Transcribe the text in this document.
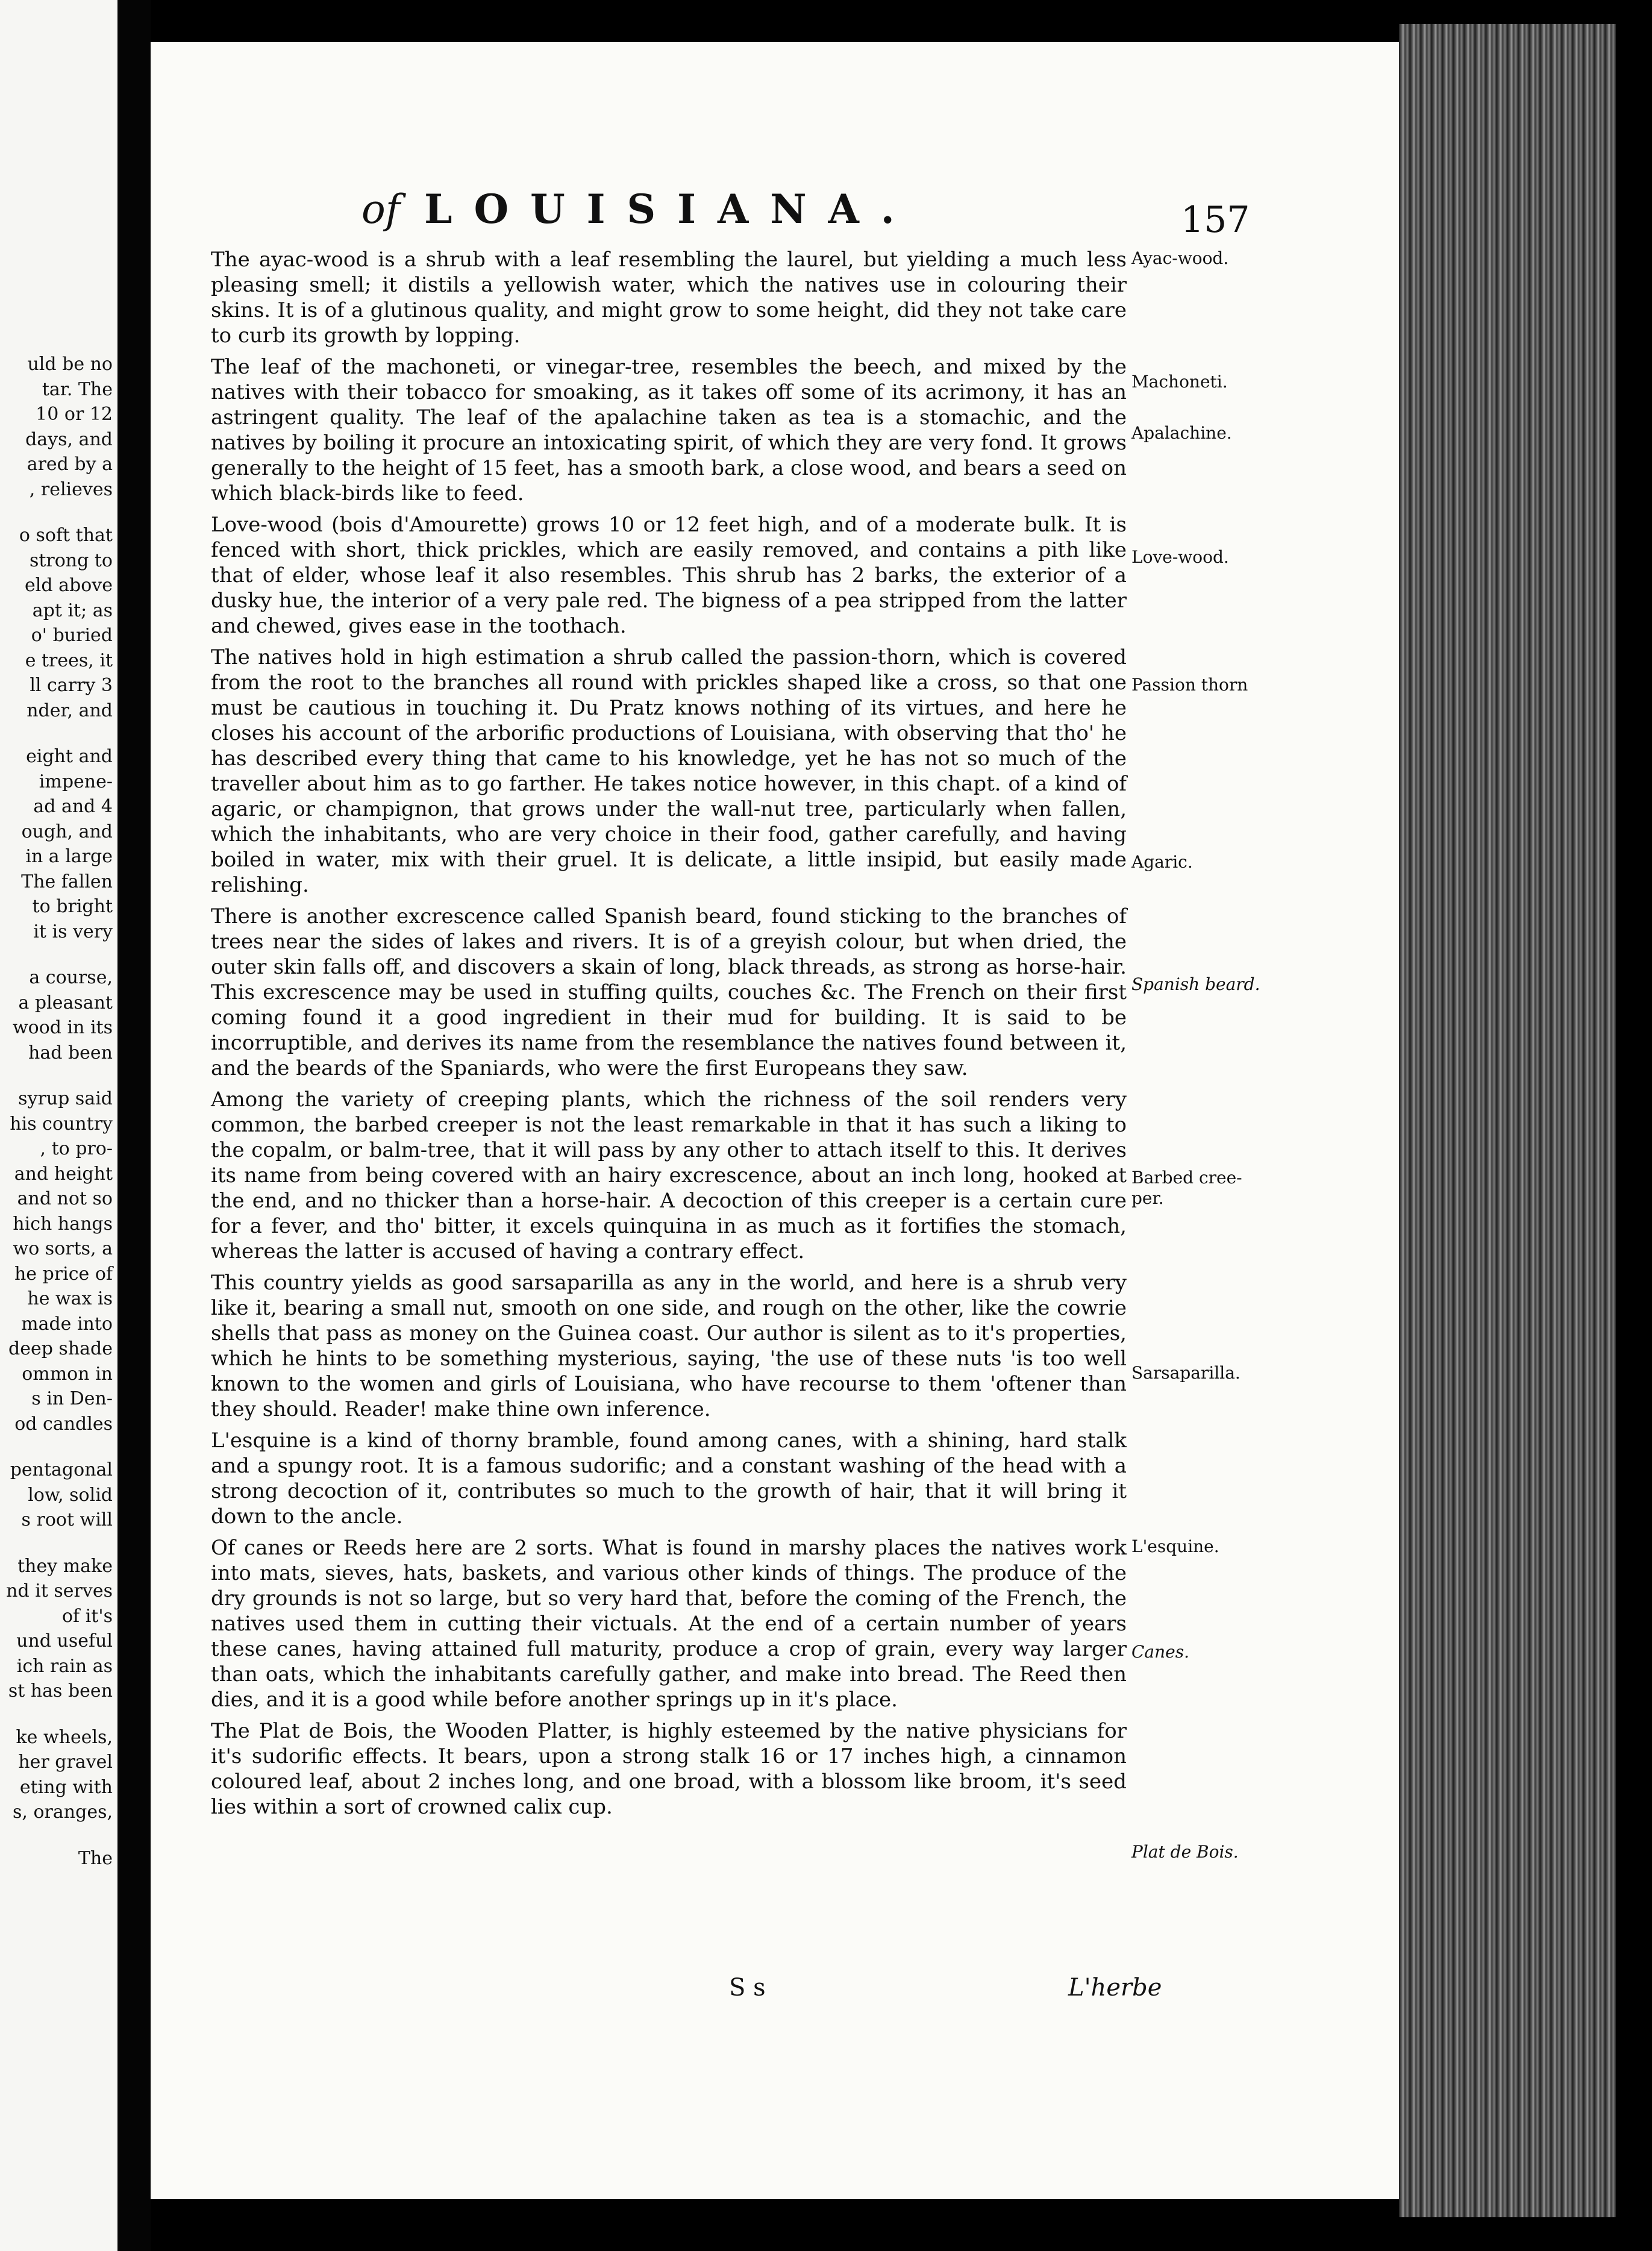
uld be no
tar. The
10 or 12
days, and
ared by a
, relieves
o soft that
strong to
eld above
apt it; as
o' buried
e trees, it
ll carry 3
nder, and
eight and
impene-
ad and 4
ough, and
in a large
The fallen
to bright
it is very
a course,
a pleasant
wood in its
had been
syrup said
his country
, to pro-
and height
and not so
hich hangs
wo sorts, a
he price of
he wax is
made into
deep shade
ommon in
s in Den-
od candles
pentagonal
low, solid
s root will
they make
nd it serves
of it's
und useful
ich rain as
st has been
ke wheels,
her gravel
eting with
s, oranges,
The
of LOUISIANA.	157

The ayac-wood is a shrub with a leaf resembling the laurel, but yielding a much less pleasing smell; it distils a yellowish water, which the natives use in colouring their skins. It is of a glutinous quality, and might grow to some height, did they not take care to curb its growth by lopping.

The leaf of the machoneti, or vinegar-tree, resembles the beech, and mixed by the natives with their tobacco for smoaking, as it takes off some of its acrimony, it has an astringent quality. The leaf of the apalachine taken as tea is a stomachic, and the natives by boiling it procure an intoxicating spirit, of which they are very fond. It grows generally to the height of 15 feet, has a smooth bark, a close wood, and bears a seed on which black-birds like to feed.

Love-wood (bois d'Amourette) grows 10 or 12 feet high, and of a moderate bulk. It is fenced with short, thick prickles, which are easily removed, and contains a pith like that of elder, whose leaf it also resembles. This shrub has 2 barks, the exterior of a dusky hue, the interior of a very pale red. The bigness of a pea stripped from the latter and chewed, gives ease in the toothach.

The natives hold in high estimation a shrub called the passion-thorn, which is covered from the root to the branches all round with prickles shaped like a cross, so that one must be cautious in touching it. Du Pratz knows nothing of its virtues, and here he closes his account of the arborific productions of Louisiana, with observing that tho' he has described every thing that came to his knowledge, yet he has not so much of the traveller about him as to go farther. He takes notice however, in this chapt. of a kind of agaric, or champignon, that grows under the wall-nut tree, particularly when fallen, which the inhabitants, who are very choice in their food, gather carefully, and having boiled in water, mix with their gruel. It is delicate, a little insipid, but easily made relishing.

There is another excrescence called Spanish beard, found sticking to the branches of trees near the sides of lakes and rivers. It is of a greyish colour, but when dried, the outer skin falls off, and discovers a skain of long, black threads, as strong as horse-hair. This excrescence may be used in stuffing quilts, couches &c. The French on their first coming found it a good ingredient in their mud for building. It is said to be incorruptible, and derives its name from the resemblance the natives found between it, and the beards of the Spaniards, who were the first Europeans they saw.

Among the variety of creeping plants, which the richness of the soil renders very common, the barbed creeper is not the least remarkable in that it has such a liking to the copalm, or balm-tree, that it will pass by any other to attach itself to this. It derives its name from being covered with an hairy excrescence, about an inch long, hooked at the end, and no thicker than a horse-hair. A decoction of this creeper is a certain cure for a fever, and tho' bitter, it excels quinquina in as much as it fortifies the stomach, whereas the latter is accused of having a contrary effect.

This country yields as good sarsaparilla as any in the world, and here is a shrub very like it, bearing a small nut, smooth on one side, and rough on the other, like the cowrie shells that pass as money on the Guinea coast. Our author is silent as to it's properties, which he hints to be something mysterious, saying, 'the use of these nuts 'is too well known to the women and girls of Louisiana, who have recourse to them 'oftener than they should. Reader! make thine own inference.

L'esquine is a kind of thorny bramble, found among canes, with a shining, hard stalk and a spungy root. It is a famous sudorific; and a constant washing of the head with a strong decoction of it, contributes so much to the growth of hair, that it will bring it down to the ancle.

Of canes or Reeds here are 2 sorts. What is found in marshy places the natives work into mats, sieves, hats, baskets, and various other kinds of things. The produce of the dry grounds is not so large, but so very hard that, before the coming of the French, the natives used them in cutting their victuals. At the end of a certain number of years these canes, having attained full maturity, produce a crop of grain, every way larger than oats, which the inhabitants carefully gather, and make into bread. The Reed then dies, and it is a good while before another springs up in it's place.

The Plat de Bois, the Wooden Platter, is highly esteemed by the native physicians for it's sudorific effects. It bears, upon a strong stalk 16 or 17 inches high, a cinnamon coloured leaf, about 2 inches long, and one broad, with a blossom like broom, it's seed lies within a sort of crowned calix cup.

Ayac-wood.
Machoneti.
Apalachine.
Love-wood.
Passion thorn
Agaric.
Spanish beard.
Barbed cree-
per.
Sarsaparilla.
L'esquine.
Canes.
Plat de Bois.
S s	L'herbe
